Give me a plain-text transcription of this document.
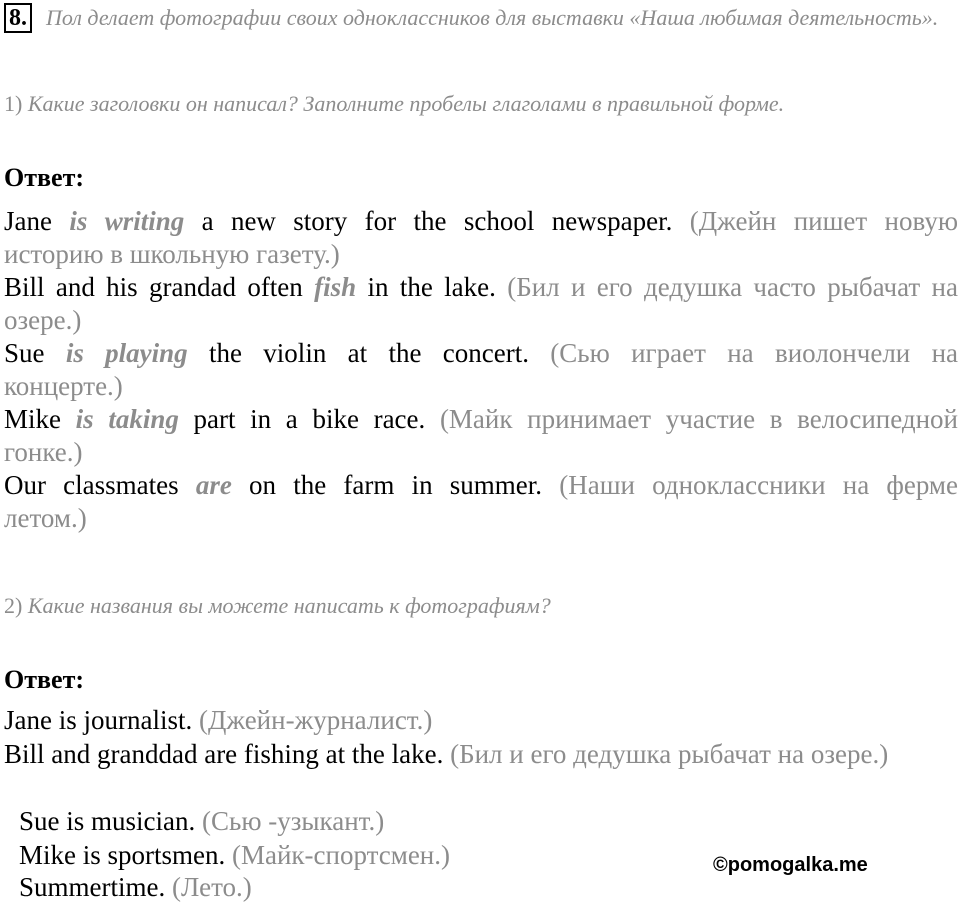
8. Пол делает фотографии своих одноклассников для выставки «Наша любимая деятельность».
1) Какие заголовки он написал? Заполните пробелы глаголами в правильной форме.
Ответ:
Jane is writing a new story for the school newspaper. (Джейн пишет новую
историю в школьную газету.)
Bill and his grandad often fish in the lake. (Бил и его дедушка часто рыбачат на
озере.)
Sue is playing the violin at the concert. (Сью играет на виолончели на
концерте.)
Mike is taking part in a bike race. (Майк принимает участие в велосипедной
гонке.)
Our classmates are on the farm in summer. (Наши одноклассники на ферме
летом.)
2) Какие названия вы можете написать к фотографиям?
Ответ:
Jane is journalist. (Джейн-журналист.)
Bill and granddad are fishing at the lake. (Бил и его дедушка рыбачат на озере.)
Sue is musician. (Сью -узыкант.)
Mike is sportsmen. (Майк-спортсмен.)
Summertime. (Лето.)
©pomogalka.me
